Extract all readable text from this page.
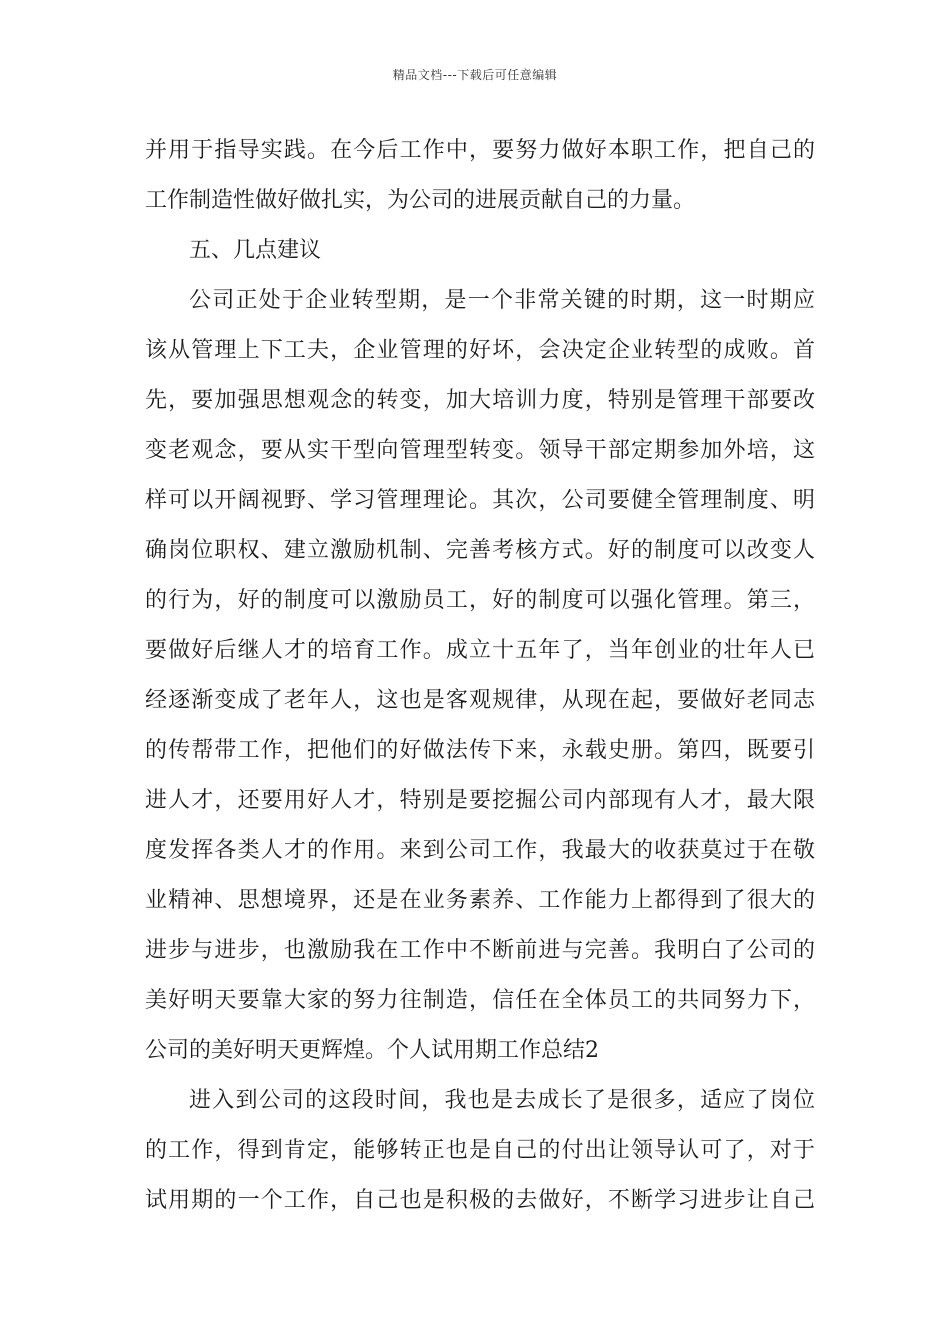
精品文档---下载后可任意编辑
并用于指导实践。在今后工作中，要努力做好本职工作，把自己的
工作制造性做好做扎实，为公司的进展贡献自己的力量。
五、几点建议
公司正处于企业转型期，是一个非常关键的时期，这一时期应
该从管理上下工夫，企业管理的好坏，会决定企业转型的成败。首
先，要加强思想观念的转变，加大培训力度，特别是管理干部要改
变老观念，要从实干型向管理型转变。领导干部定期参加外培，这
样可以开阔视野、学习管理理论。其次，公司要健全管理制度、明
确岗位职权、建立激励机制、完善考核方式。好的制度可以改变人
的行为，好的制度可以激励员工，好的制度可以强化管理。第三，
要做好后继人才的培育工作。成立十五年了，当年创业的壮年人已
经逐渐变成了老年人，这也是客观规律，从现在起，要做好老同志
的传帮带工作，把他们的好做法传下来，永载史册。第四，既要引
进人才，还要用好人才，特别是要挖掘公司内部现有人才，最大限
度发挥各类人才的作用。来到公司工作，我最大的收获莫过于在敬
业精神、思想境界，还是在业务素养、工作能力上都得到了很大的
进步与进步，也激励我在工作中不断前进与完善。我明白了公司的
美好明天要靠大家的努力往制造，信任在全体员工的共同努力下，
公司的美好明天更辉煌。个人试用期工作总结2
进入到公司的这段时间，我也是去成长了是很多，适应了岗位
的工作，得到肯定，能够转正也是自己的付出让领导认可了，对于
试用期的一个工作，自己也是积极的去做好，不断学习进步让自己
